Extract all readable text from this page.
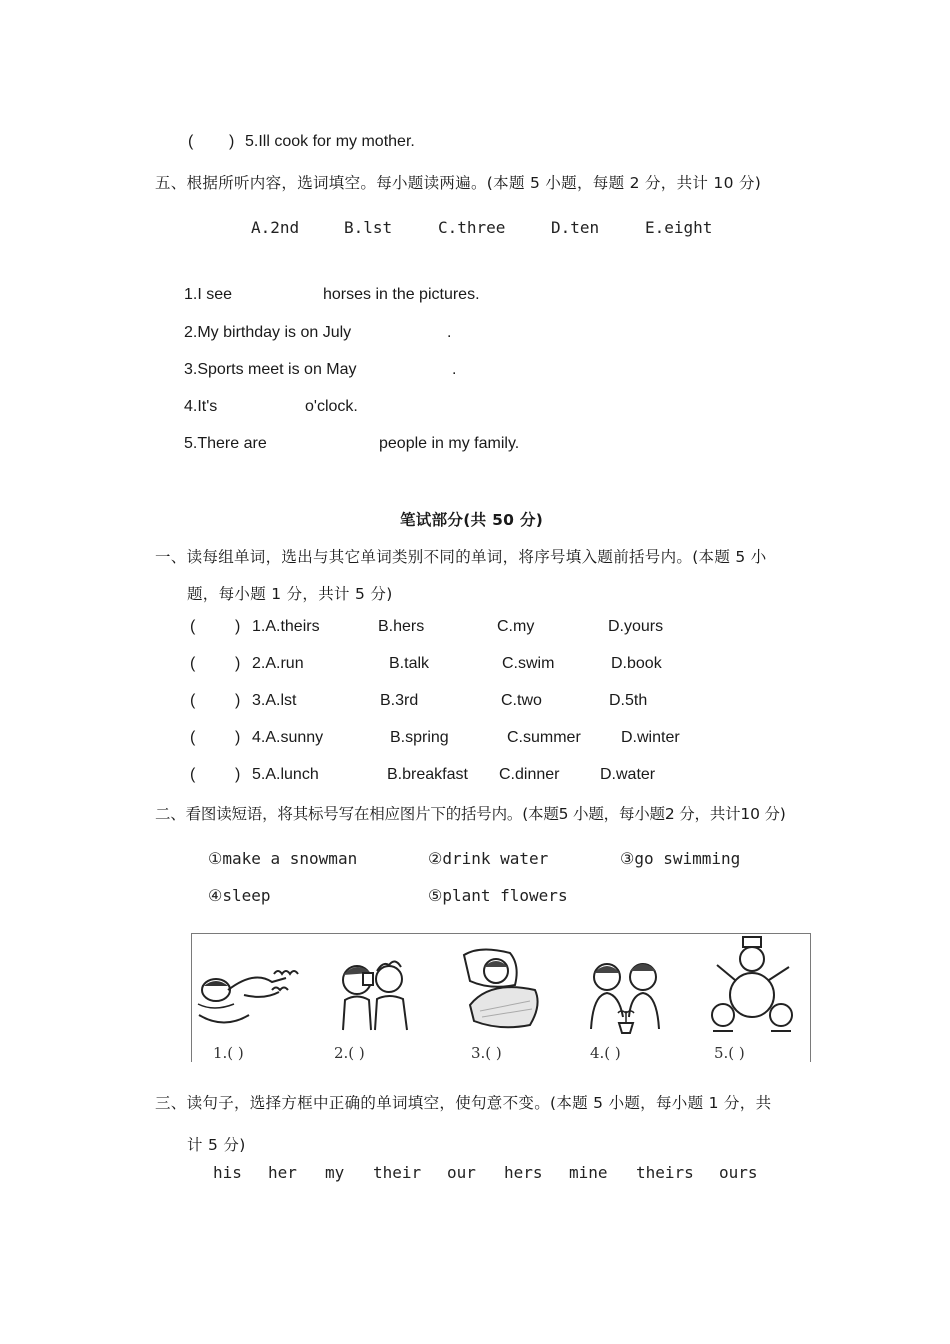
( ) 5.Ill cook for my mother.
五、根据所听内容，选词填空。每小题读两遍。(本题 5 小题，每题 2 分，共计 10 分)
A.2nd	B.lst	C.three	D.ten	E.eight
1.I see	horses in the pictures.
2.My birthday is on July	.
3.Sports meet is on May	.
4.It's	o'clock.
5.There are	people in my family.
笔试部分(共 50 分)
一、读每组单词，选出与其它单词类别不同的单词，将序号填入题前括号内。(本题 5 小
题，每小题 1 分，共计 5 分)
( ) 1.A.theirs	B.hers	C.my	D.yours
( ) 2.A.run	B.talk	C.swim	D.book
( ) 3.A.lst	B.3rd	C.two	D.5th
( ) 4.A.sunny	B.spring	C.summer	D.winter
( ) 5.A.lunch	B.breakfast C.dinner	D.water
二、看图读短语，将其标号写在相应图片下的括号内。(本题5 小题，每小题2 分，共计10 分)
①make a snowman	②drink water	③go swimming
④sleep	⑤plant flowers
1.( )	2.( )	3.( )	4.( )	5.( )
三、读句子，选择方框中正确的单词填空，使句意不变。(本题 5 小题，每小题 1 分，共
计 5 分)
his her my their our hers mine theirs ours
